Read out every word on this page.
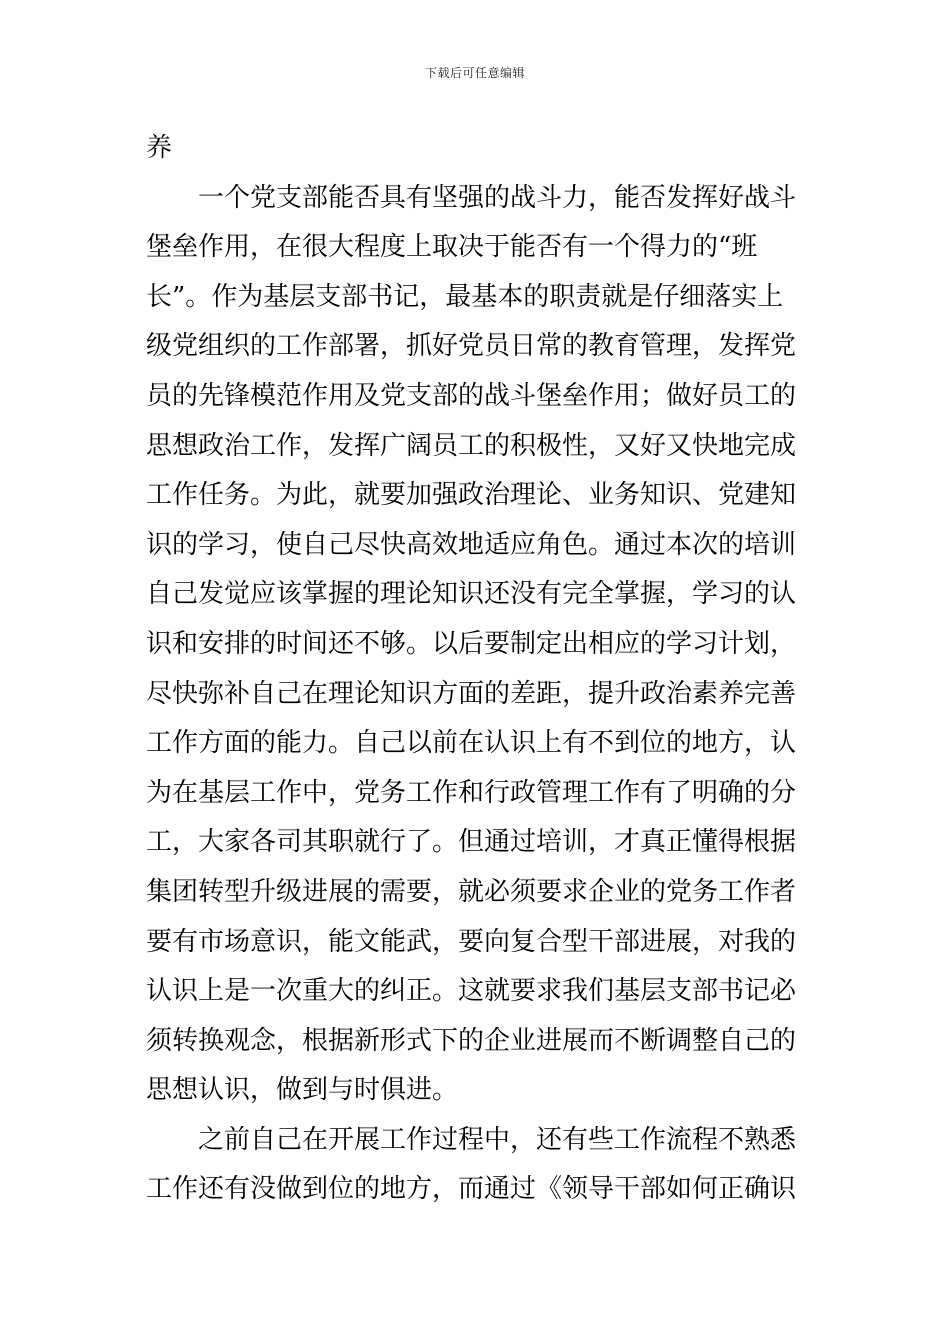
下载后可任意编辑
养
一个党支部能否具有坚强的战斗力，能否发挥好战斗
堡垒作用，在很大程度上取决于能否有一个得力的“班
长”。作为基层支部书记，最基本的职责就是仔细落实上
级党组织的工作部署，抓好党员日常的教育管理，发挥党
员的先锋模范作用及党支部的战斗堡垒作用；做好员工的
思想政治工作，发挥广阔员工的积极性，又好又快地完成
工作任务。为此，就要加强政治理论、业务知识、党建知
识的学习，使自己尽快高效地适应角色。通过本次的培训
自己发觉应该掌握的理论知识还没有完全掌握，学习的认
识和安排的时间还不够。以后要制定出相应的学习计划，
尽快弥补自己在理论知识方面的差距，提升政治素养完善
工作方面的能力。自己以前在认识上有不到位的地方，认
为在基层工作中，党务工作和行政管理工作有了明确的分
工，大家各司其职就行了。但通过培训，才真正懂得根据
集团转型升级进展的需要，就必须要求企业的党务工作者
要有市场意识，能文能武，要向复合型干部进展，对我的
认识上是一次重大的纠正。这就要求我们基层支部书记必
须转换观念，根据新形式下的企业进展而不断调整自己的
思想认识，做到与时俱进。
之前自己在开展工作过程中，还有些工作流程不熟悉
工作还有没做到位的地方，而通过《领导干部如何正确识
